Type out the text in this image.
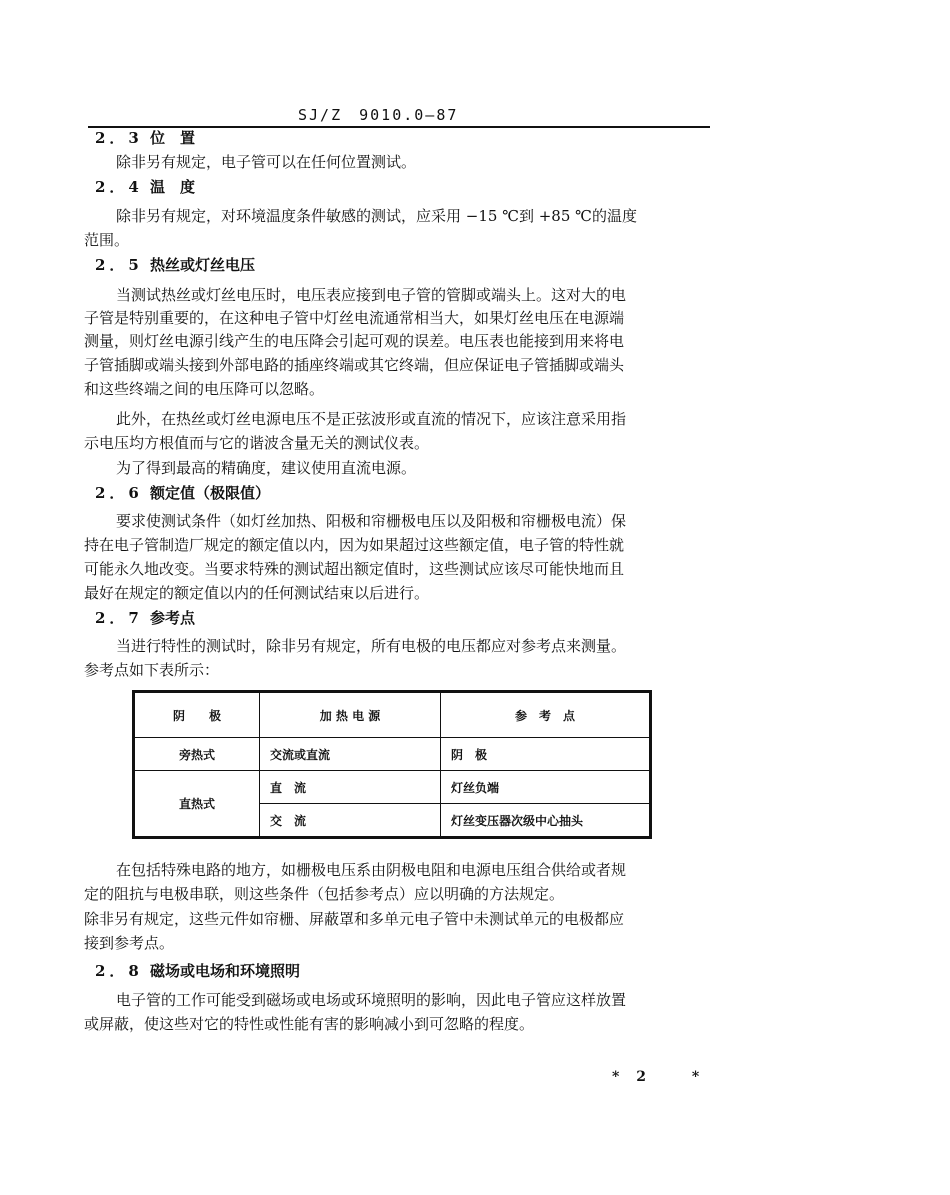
SJ/Z　9010.0—87
2．3 位　置
除非另有规定，电子管可以在任何位置测试。
2．4 温　度
除非另有规定，对环境温度条件敏感的测试，应采用 −15 ℃到 +85 ℃的温度
范围。
2．5 热丝或灯丝电压
当测试热丝或灯丝电压时，电压表应接到电子管的管脚或端头上。这对大的电
子管是特别重要的，在这种电子管中灯丝电流通常相当大，如果灯丝电压在电源端
测量，则灯丝电源引线产生的电压降会引起可观的误差。电压表也能接到用来将电
子管插脚或端头接到外部电路的插座终端或其它终端，但应保证电子管插脚或端头
和这些终端之间的电压降可以忽略。
此外，在热丝或灯丝电源电压不是正弦波形或直流的情况下，应该注意采用指
示电压均方根值而与它的谐波含量无关的测试仪表。
为了得到最高的精确度，建议使用直流电源。
2．6 额定值（极限值）
要求使测试条件（如灯丝加热、阳极和帘栅极电压以及阳极和帘栅极电流）保
持在电子管制造厂规定的额定值以内，因为如果超过这些额定值，电子管的特性就
可能永久地改变。当要求特殊的测试超出额定值时，这些测试应该尽可能快地而且
最好在规定的额定值以内的任何测试结束以后进行。
2．7 参考点
当进行特性的测试时，除非另有规定，所有电极的电压都应对参考点来测量。
参考点如下表所示：
阴　　极	加 热 电 源	参　考　点
旁热式	交流或直流	阴　极
直热式	直　流	灯丝负端
	交　流	灯丝变压器次级中心抽头
在包括特殊电路的地方，如栅极电压系由阴极电阻和电源电压组合供给或者规
定的阻抗与电极串联，则这些条件（包括参考点）应以明确的方法规定。
除非另有规定，这些元件如帘栅、屏蔽罩和多单元电子管中未测试单元的电极都应
接到参考点。
2．8 磁场或电场和环境照明
电子管的工作可能受到磁场或电场或环境照明的影响，因此电子管应这样放置
或屏蔽，使这些对它的特性或性能有害的影响减小到可忽略的程度。
* 2　　*
